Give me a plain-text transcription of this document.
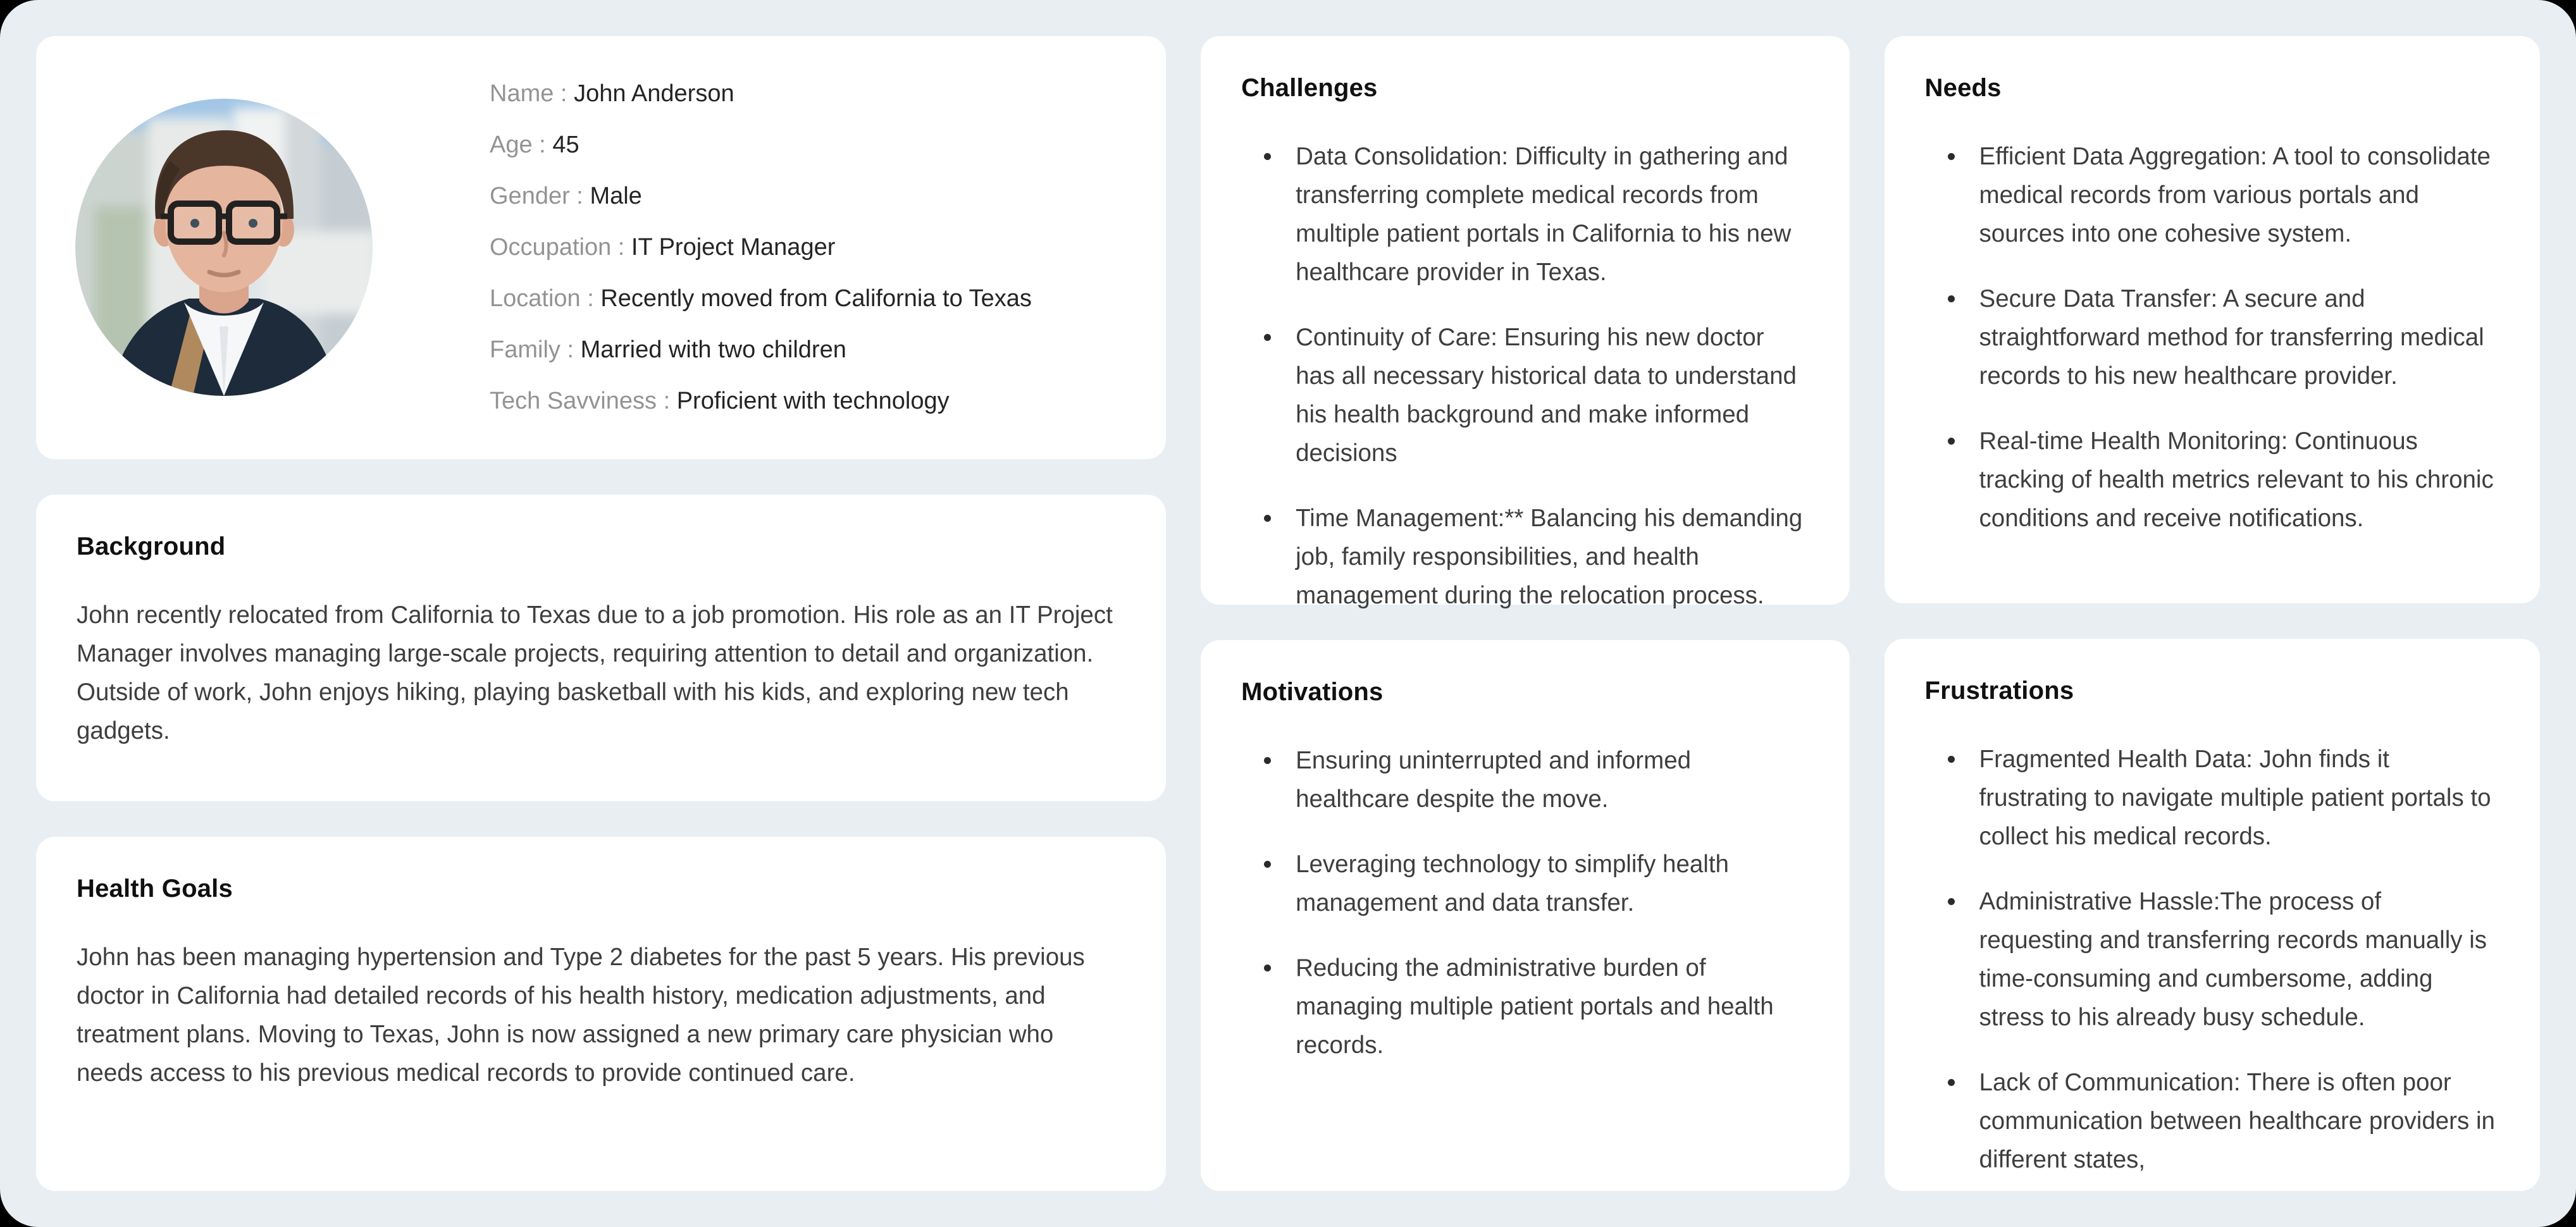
Name : John Anderson
Age : 45
Gender : Male
Occupation : IT Project Manager
Location : Recently moved from California to Texas
Family : Married with two children
Tech Savviness : Proficient with technology
Background

John recently relocated from California to Texas due to a job promotion. His role as an IT Project Manager involves managing large-scale projects, requiring attention to detail and organization. Outside of work, John enjoys hiking, playing basketball with his kids, and exploring new tech gadgets.

Health Goals

John has been managing hypertension and Type 2 diabetes for the past 5 years. His previous doctor in California had detailed records of his health history, medication adjustments, and treatment plans. Moving to Texas, John is now assigned a new primary care physician who needs access to his previous medical records to provide continued care.

Challenges
Data Consolidation: Difficulty in gathering and transferring complete medical records from multiple patient portals in California to his new healthcare provider in Texas.
Continuity of Care: Ensuring his new doctor has all necessary historical data to understand his health background and make informed decisions
Time Management:** Balancing his demanding job, family responsibilities, and health management during the relocation process.
Motivations
Ensuring uninterrupted and informed healthcare despite the move.
Leveraging technology to simplify health management and data transfer.
Reducing the administrative burden of managing multiple patient portals and health records.
Needs
Efficient Data Aggregation: A tool to consolidate medical records from various portals and sources into one cohesive system.
Secure Data Transfer: A secure and straightforward method for transferring medical records to his new healthcare provider.
Real-time Health Monitoring: Continuous tracking of health metrics relevant to his chronic conditions and receive notifications.
Frustrations
Fragmented Health Data: John finds it frustrating to navigate multiple patient portals to collect his medical records.
Administrative Hassle:The process of requesting and transferring records manually is time-consuming and cumbersome, adding stress to his already busy schedule.
Lack of Communication: There is often poor communication between healthcare providers in different states,
